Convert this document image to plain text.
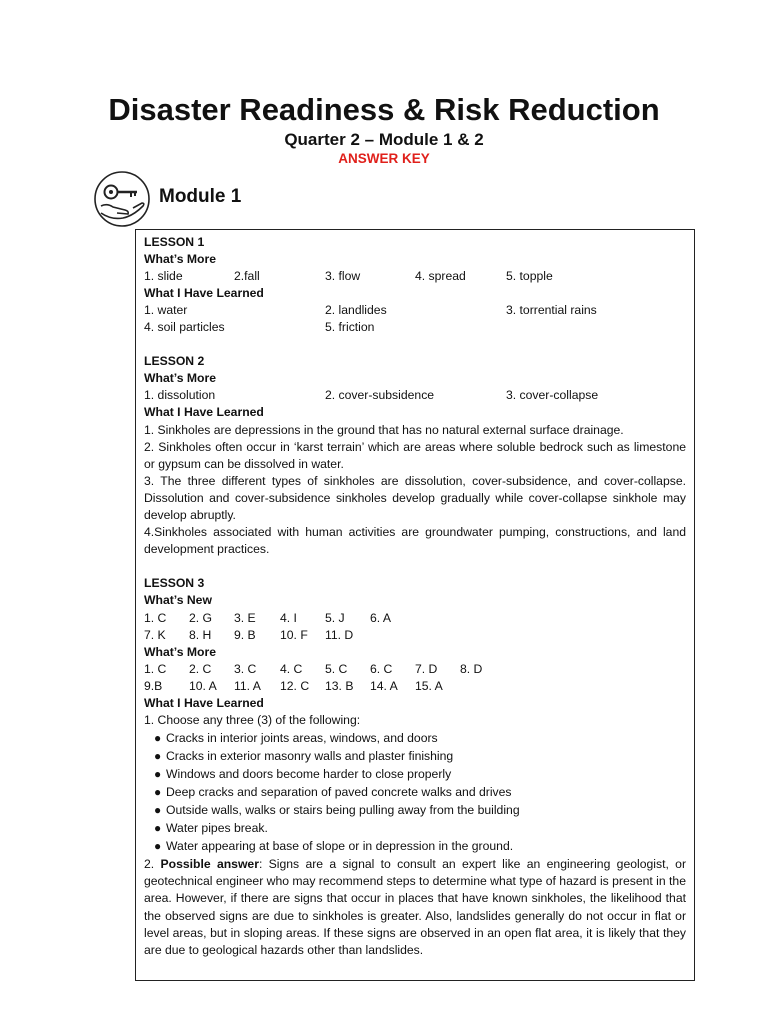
Disaster Readiness & Risk Reduction
Quarter 2 – Module 1 & 2
ANSWER KEY
Module 1
LESSON 1
What’s More
1. slide	2.fall	3. flow	4. spread	5. topple
What I Have Learned
1. water	2. landlides	3. torrential rains
4. soil particles	5. friction
LESSON 2
What’s More
1. dissolution	2. cover-subsidence	3. cover-collapse
What I Have Learned
1. Sinkholes are depressions in the ground that has no natural external surface drainage.
2. Sinkholes often occur in ‘karst terrain’ which are areas where soluble bedrock such as limestone or gypsum can be dissolved in water.
3. The three different types of sinkholes are dissolution, cover-subsidence, and cover-collapse. Dissolution and cover-subsidence sinkholes develop gradually while cover-collapse sinkhole may develop abruptly.
4.Sinkholes associated with human activities are groundwater pumping, constructions, and land development practices.
LESSON 3
What’s New
1. C 2. G 3. E 4. I 5. J 6. A
7. K 8. H 9. B 10. F 11. D
What’s More
1. C 2. C 3. C 4. C 5. C 6. C 7. D 8. D
9.B 10. A 11. A 12. C 13. B 14. A 15. A
What I Have Learned
1. Choose any three (3) of the following:
● Cracks in interior joints areas, windows, and doors
● Cracks in exterior masonry walls and plaster finishing
● Windows and doors become harder to close properly
● Deep cracks and separation of paved concrete walks and drives
● Outside walls, walks or stairs being pulling away from the building
● Water pipes break.
● Water appearing at base of slope or in depression in the ground.
2. Possible answer: Signs are a signal to consult an expert like an engineering geologist, or geotechnical engineer who may recommend steps to determine what type of hazard is present in the area. However, if there are signs that occur in places that have known sinkholes, the likelihood that the observed signs are due to sinkholes is greater. Also, landslides generally do not occur in flat or level areas, but in sloping areas. If these signs are observed in an open flat area, it is likely that they are due to geological hazards other than landslides.
